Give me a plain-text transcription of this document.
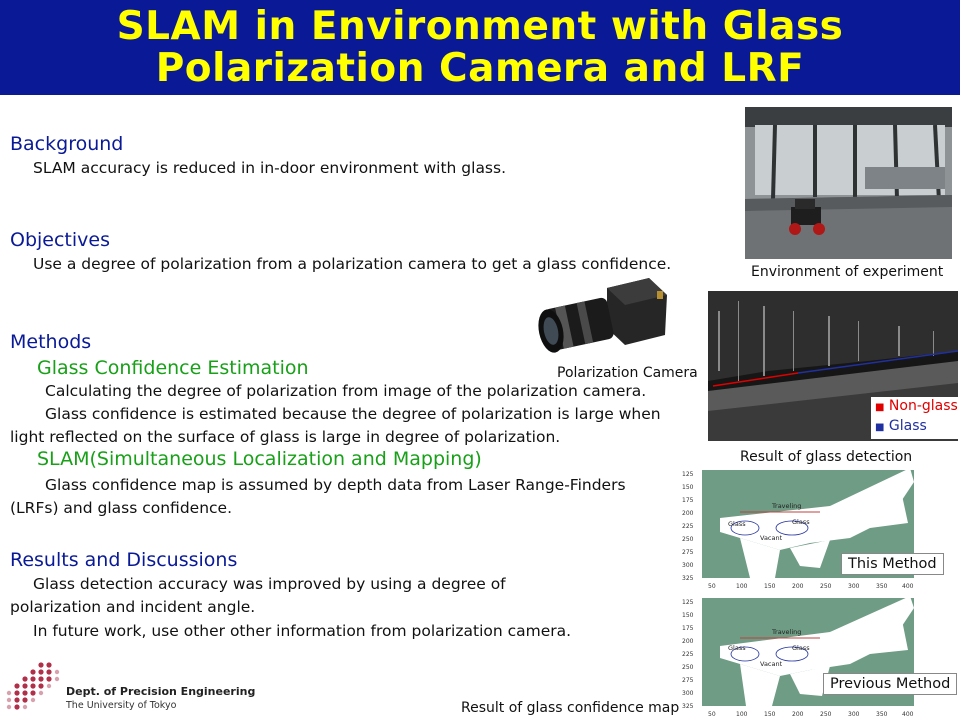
SLAM in Environment with Glass
Polarization Camera and LRF
Background
SLAM accuracy is reduced in in-door environment with glass.
Objectives
Use a degree of polarization from a polarization camera to get a glass confidence.
Methods
Glass Confidence Estimation
Calculating the degree of polarization from image of the polarization camera.
Glass confidence is estimated because the degree of polarization is large when
light reflected on the surface of glass is large in degree of polarization.
SLAM(Simultaneous Localization and Mapping)
Glass confidence map is assumed by depth data from Laser Range-Finders
(LRFs) and glass confidence.
Results and Discussions
Glass detection accuracy was improved by using a degree of
polarization and incident angle.
In future work, use other other information from polarization camera.
Environment of experiment
Polarization Camera
■ Non-glass
■ Glass
Result of glass detection
Traveling
Glass	Glass
Vacant
125
150
175
200
225
250
275
300
325
50	100	150	200	250	300	350 400
This Method
Traveling
Glass	Glass
Vacant
125
150
175
200
225
250
275
300
325
50	100	150	200	250	300	350 400
Previous Method
Result of glass confidence map
Dept. of Precision Engineering
The University of Tokyo
